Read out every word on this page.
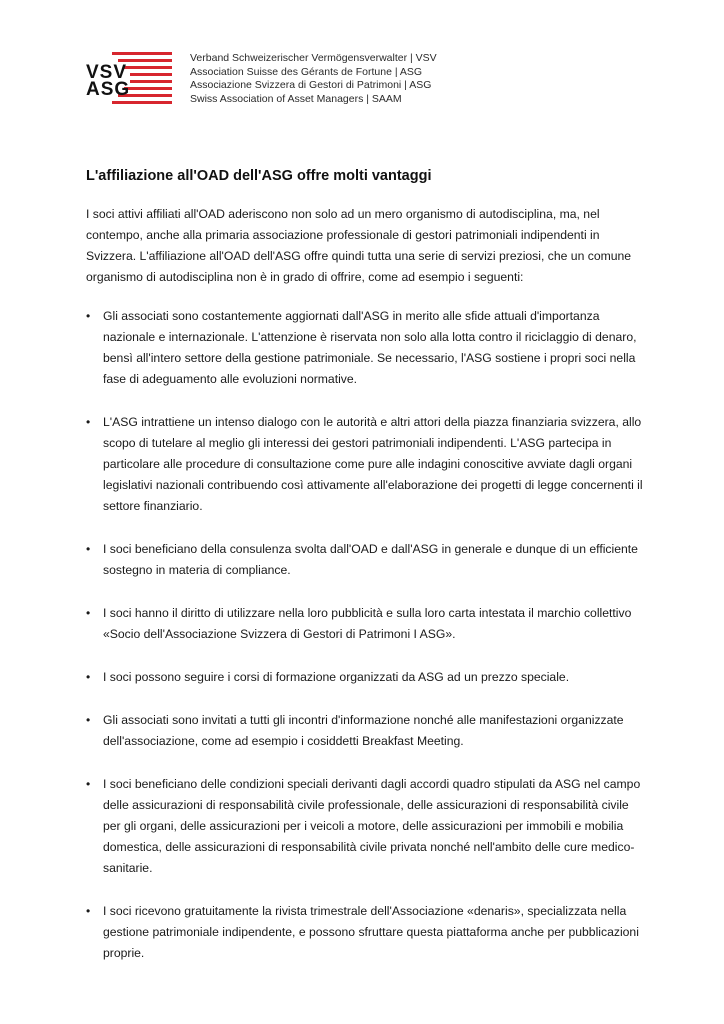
VSV ASG
Verband Schweizerischer Vermögensverwalter | VSV
Association Suisse des Gérants de Fortune | ASG
Associazione Svizzera di Gestori di Patrimoni | ASG
Swiss Association of Asset Managers | SAAM
L'affiliazione all'OAD dell'ASG offre molti vantaggi

I soci attivi affiliati all'OAD aderiscono non solo ad un mero organismo di autodisciplina, ma, nel contempo, anche alla primaria associazione professionale di gestori patrimoniali indipendenti in Svizzera. L'affiliazione all'OAD dell'ASG offre quindi tutta una serie di servizi preziosi, che un comune organismo di autodisciplina non è in grado di offrire, come ad esempio i seguenti:

• Gli associati sono costantemente aggiornati dall'ASG in merito alle sfide attuali d'importanza nazionale e internazionale. L'attenzione è riservata non solo alla lotta contro il riciclaggio di denaro, bensì all'intero settore della gestione patrimoniale. Se necessario, l'ASG sostiene i propri soci nella fase di adeguamento alle evoluzioni normative.
• L'ASG intrattiene un intenso dialogo con le autorità e altri attori della piazza finanziaria svizzera, allo scopo di tutelare al meglio gli interessi dei gestori patrimoniali indipendenti. L'ASG partecipa in particolare alle procedure di consultazione come pure alle indagini conoscitive avviate dagli organi legislativi nazionali contribuendo così attivamente all'elaborazione dei progetti di legge concernenti il settore finanziario.
• I soci beneficiano della consulenza svolta dall'OAD e dall'ASG in generale e dunque di un efficiente sostegno in materia di compliance.
• I soci hanno il diritto di utilizzare nella loro pubblicità e sulla loro carta intestata il marchio collettivo «Socio dell'Associazione Svizzera di Gestori di Patrimoni I ASG».
• I soci possono seguire i corsi di formazione organizzati da ASG ad un prezzo speciale.
• Gli associati sono invitati a tutti gli incontri d'informazione nonché alle manifestazioni organizzate dell'associazione, come ad esempio i cosiddetti Breakfast Meeting.
• I soci beneficiano delle condizioni speciali derivanti dagli accordi quadro stipulati da ASG nel campo delle assicurazioni di responsabilità civile professionale, delle assicurazioni di responsabilità civile per gli organi, delle assicurazioni per i veicoli a motore, delle assicurazioni per immobili e mobilia domestica, delle assicurazioni di responsabilità civile privata nonché nell'ambito delle cure medico-sanitarie.
• I soci ricevono gratuitamente la rivista trimestrale dell'Associazione «denaris», specializzata nella gestione patrimoniale indipendente, e possono sfruttare questa piattaforma anche per pubblicazioni proprie.
